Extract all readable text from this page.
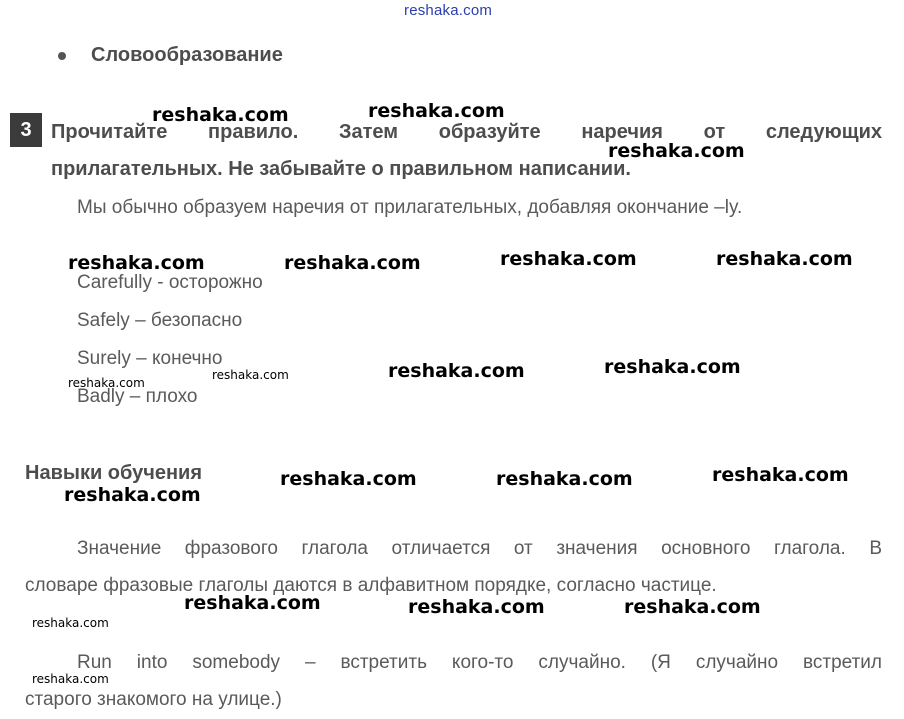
reshaka.com
Словообразование
3 Прочитайте правило. Затем образуйте наречия от следующих
прилагательных. Не забывайте о правильном написании.
Мы обычно образуем наречия от прилагательных, добавляя окончание –ly.
Carefully - осторожно
Safely – безопасно
Surely – конечно
Badly – плохо
Навыки обучения
Значение фразового глагола отличается от значения основного глагола. В
словаре фразовые глаголы даются в алфавитном порядке, согласно частице.
Run into somebody – встретить кого-то случайно. (Я случайно встретил
старого знакомого на улице.)
reshaka.com	reshaka.com
reshaka.com
reshaka.com	reshaka.com	reshaka.com	reshaka.com
reshaka.com
reshaka.com	reshaka.com	reshaka.com
reshaka.com
reshaka.com	reshaka.com	reshaka.com
reshaka.com
reshaka.com	reshaka.com	reshaka.com
reshaka.com
